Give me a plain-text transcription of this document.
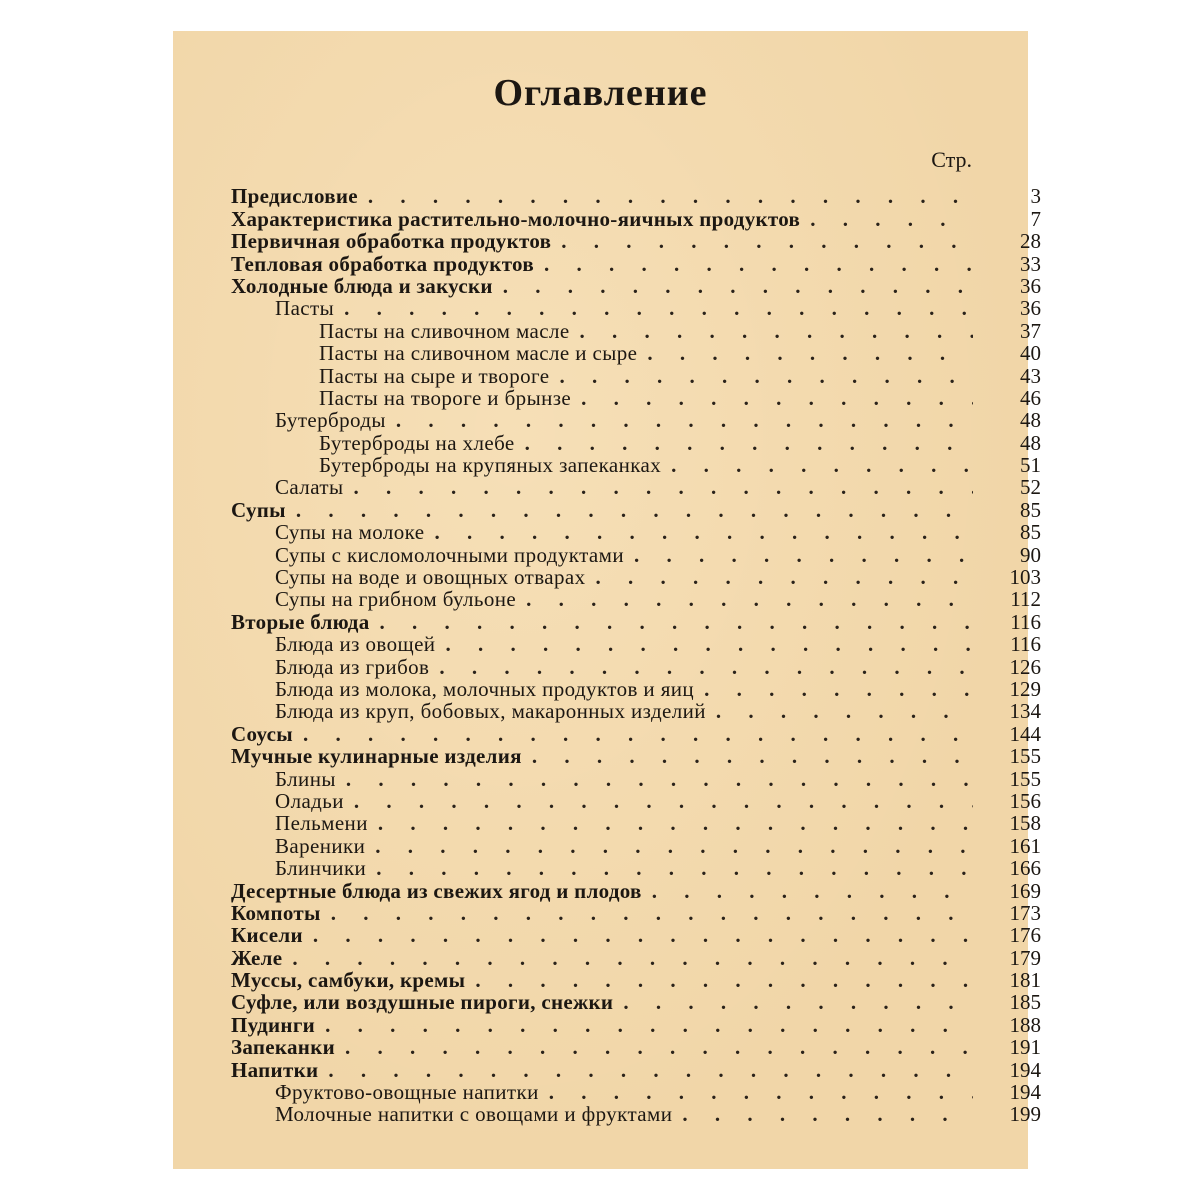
Оглавление
Стр.
Предисловие . . .	3
Характеристика растительно-молочно-яичных продуктов . . .	7
Первичная обработка продуктов . . .	28
Тепловая обработка продуктов . . .	33
Холодные блюда и закуски . . .	36
Пасты . . .	36
Пасты на сливочном масле . . .	37
Пасты на сливочном масле и сыре . . .	40
Пасты на сыре и твороге . . .	43
Пасты на твороге и брынзе . . .	46
Бутерброды . . .	48
Бутерброды на хлебе . . .	48
Бутерброды на крупяных запеканках . . .	51
Салаты . . .	52
Супы . . .	85
Супы на молоке . . .	85
Супы с кисломолочными продуктами . . .	90
Супы на воде и овощных отварах . . .	103
Супы на грибном бульоне . . .	112
Вторые блюда . . .	116
Блюда из овощей . . .	116
Блюда из грибов . . .	126
Блюда из молока, молочных продуктов и яиц . . .	129
Блюда из круп, бобовых, макаронных изделий . . .	134
Соусы . . .	144
Мучные кулинарные изделия . . .	155
Блины . . .	155
Оладьи . . .	156
Пельмени . . .	158
Вареники . . .	161
Блинчики . . .	166
Десертные блюда из свежих ягод и плодов . . .	169
Компоты . . .	173
Кисели . . .	176
Желе . . .	179
Муссы, самбуки, кремы . . .	181
Суфле, или воздушные пироги, снежки . . .	185
Пудинги . . .	188
Запеканки . . .	191
Напитки . . .	194
Фруктово-овощные напитки . . .	194
Молочные напитки с овощами и фруктами . . .	199
